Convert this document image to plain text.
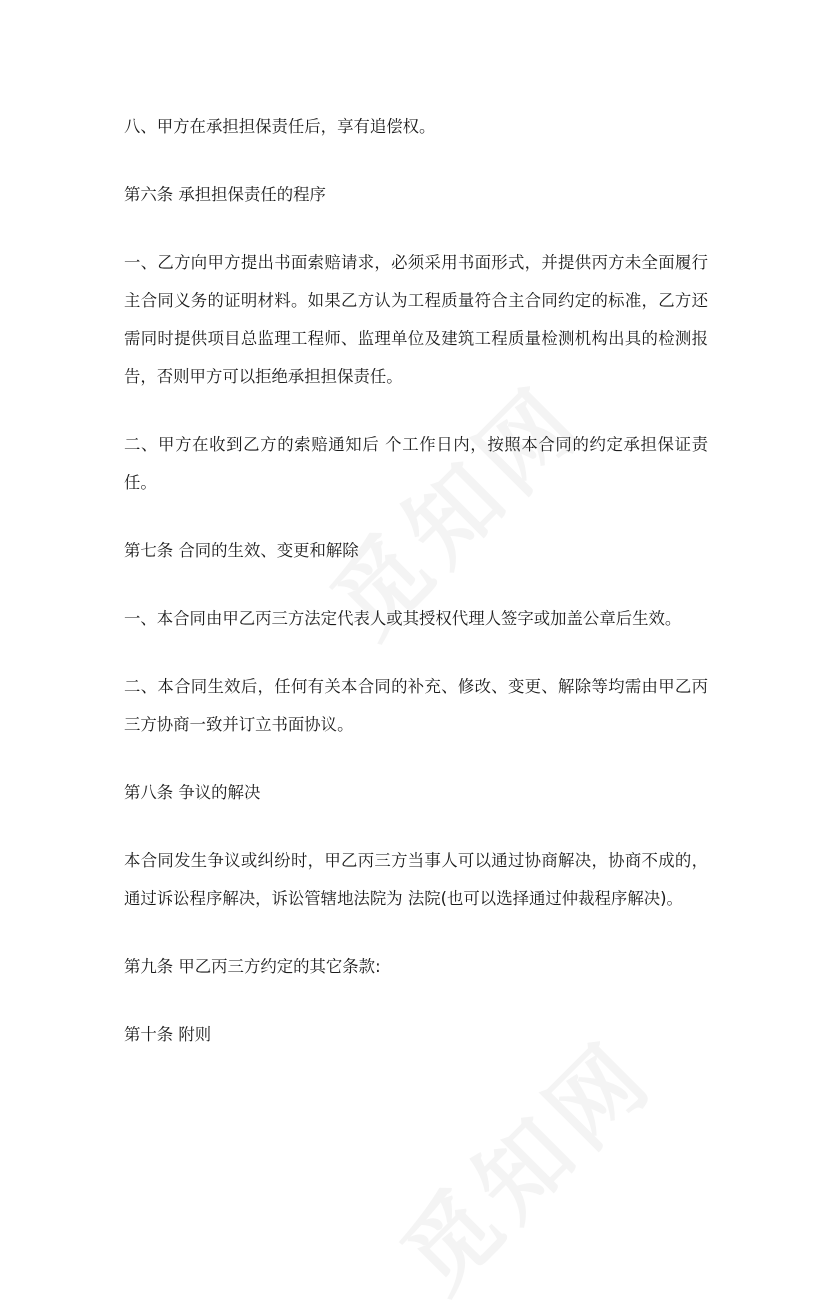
八、甲方在承担担保责任后，享有追偿权。

第六条 承担担保责任的程序

一、乙方向甲方提出书面索赔请求，必须采用书面形式，并提供丙方未全面履行主合同义务的证明材料。如果乙方认为工程质量符合主合同约定的标准，乙方还需同时提供项目总监理工程师、监理单位及建筑工程质量检测机构出具的检测报告，否则甲方可以拒绝承担担保责任。

二、甲方在收到乙方的索赔通知后 个工作日内，按照本合同的约定承担保证责任。

第七条 合同的生效、变更和解除

一、本合同由甲乙丙三方法定代表人或其授权代理人签字或加盖公章后生效。

二、本合同生效后，任何有关本合同的补充、修改、变更、解除等均需由甲乙丙三方协商一致并订立书面协议。

第八条 争议的解决

本合同发生争议或纠纷时，甲乙丙三方当事人可以通过协商解决，协商不成的，通过诉讼程序解决，诉讼管辖地法院为 法院(也可以选择通过仲裁程序解决)。

第九条 甲乙丙三方约定的其它条款:

第十条 附则
